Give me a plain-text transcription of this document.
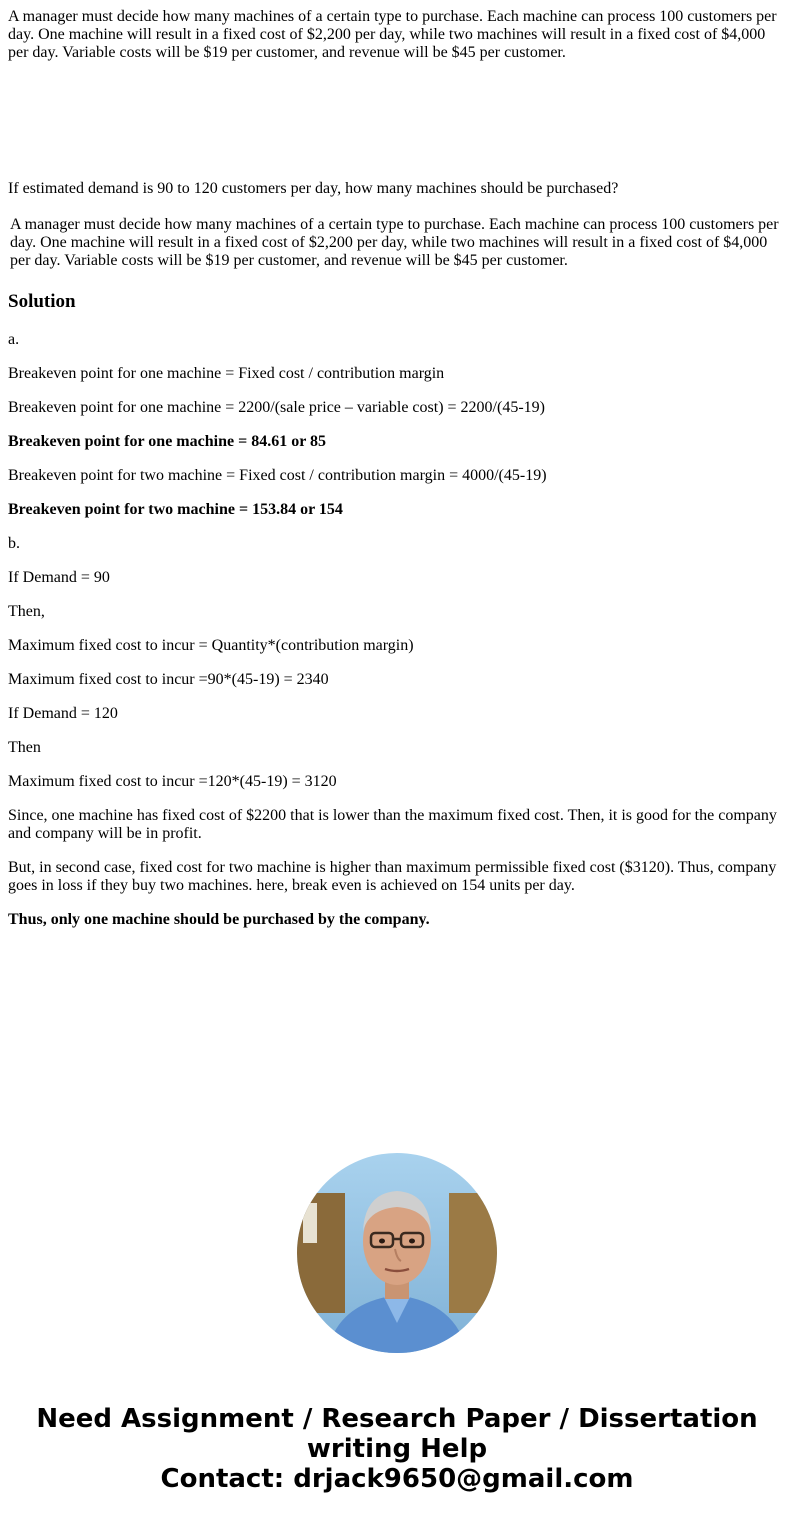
A manager must decide how many machines of a certain type to purchase. Each machine can process 100 customers per day. One machine will result in a fixed cost of $2,200 per day, while two machines will result in a fixed cost of $4,000 per day. Variable costs will be $19 per customer, and revenue will be $45 per customer.

If estimated demand is 90 to 120 customers per day, how many machines should be purchased?

A manager must decide how many machines of a certain type to purchase. Each machine can process 100 customers per day. One machine will result in a fixed cost of $2,200 per day, while two machines will result in a fixed cost of $4,000 per day. Variable costs will be $19 per customer, and revenue will be $45 per customer.

Solution

a.

Breakeven point for one machine = Fixed cost / contribution margin

Breakeven point for one machine = 2200/(sale price – variable cost) = 2200/(45-19)

Breakeven point for one machine = 84.61 or 85

Breakeven point for two machine = Fixed cost / contribution margin = 4000/(45-19)

Breakeven point for two machine = 153.84 or 154

b.

If Demand = 90

Then,

Maximum fixed cost to incur = Quantity*(contribution margin)

Maximum fixed cost to incur =90*(45-19) = 2340

If Demand = 120

Then

Maximum fixed cost to incur =120*(45-19) = 3120

Since, one machine has fixed cost of $2200 that is lower than the maximum fixed cost. Then, it is good for the company and company will be in profit.

But, in second case, fixed cost for two machine is higher than maximum permissible fixed cost ($3120). Thus, company goes in loss if they buy two machines. here, break even is achieved on 154 units per day.

Thus, only one machine should be purchased by the company.

Need Assignment / Research Paper / Dissertation
writing Help
Contact: drjack9650@gmail.com
